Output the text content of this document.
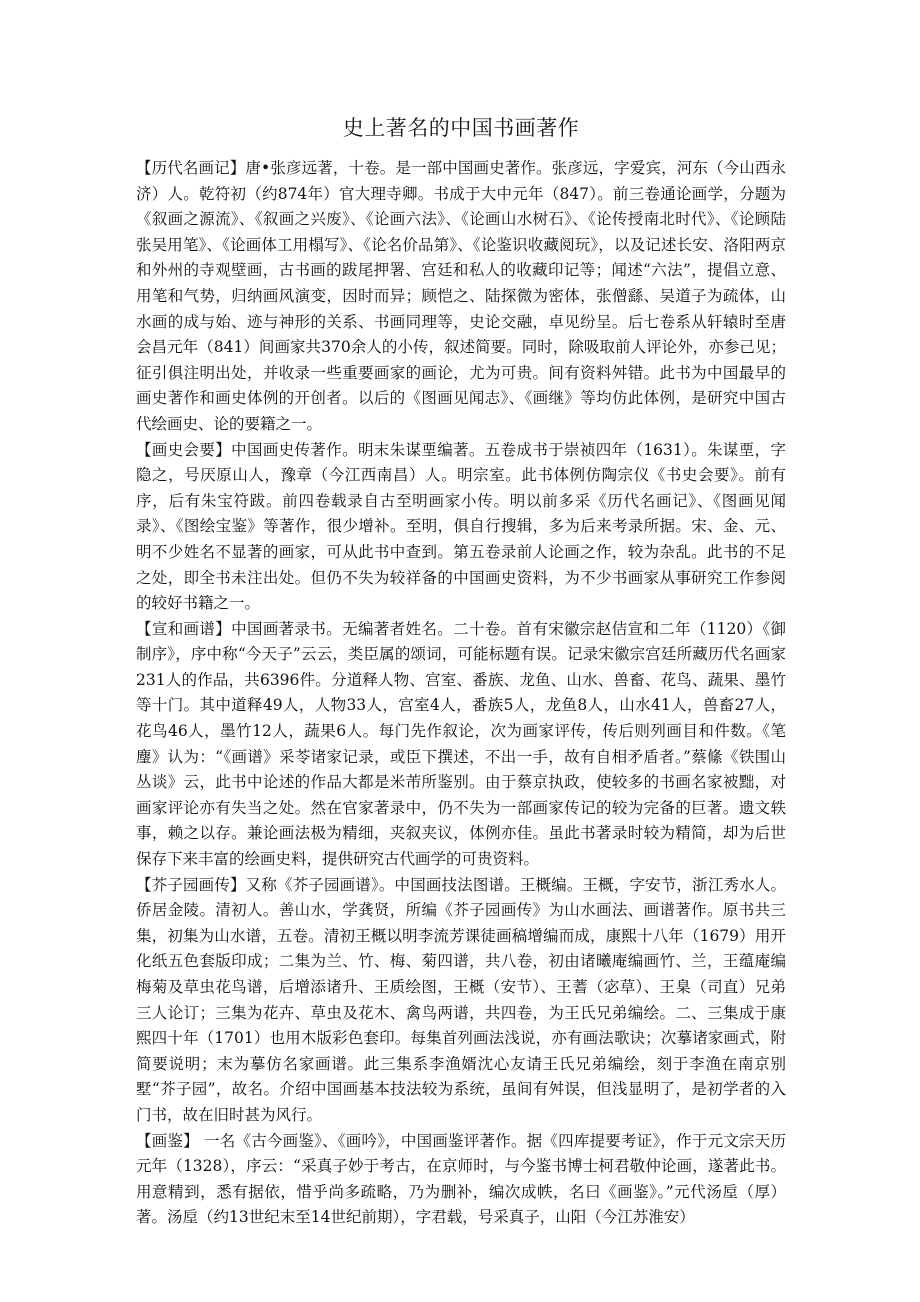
史上著名的中国书画著作

【历代名画记】唐•张彦远著，十卷。是一部中国画史著作。张彦远，字爱宾，河东（今山西永济）人。乾符初（约874年）官大理寺卿。书成于大中元年（847）。前三卷通论画学，分题为《叙画之源流》、《叙画之兴废》、《论画六法》、《论画山水树石》、《论传授南北时代》、《论顾陆张吴用笔》、《论画体工用榻写》、《论名价品第》、《论鉴识收藏阅玩》，以及记述长安、洛阳两京和外州的寺观壁画，古书画的跋尾押署、宫廷和私人的收藏印记等；闻述“六法”，提倡立意、用笔和气势，归纳画风演变，因时而异；顾恺之、陆探微为密体，张僧繇、吴道子为疏体，山水画的成与始、迹与神形的关系、书画同理等，史论交融，卓见纷呈。后七卷系从轩辕时至唐会昌元年（841）间画家共370余人的小传，叙述简要。同时，除吸取前人评论外，亦参己见；征引俱注明出处，并收录一些重要画家的画论，尤为可贵。间有资料舛错。此书为中国最早的画史著作和画史体例的开创者。以后的《图画见闻志》、《画继》等均仿此体例，是研究中国古代绘画史、论的要籍之一。

【画史会要】中国画史传著作。明末朱谋垔编著。五卷成书于崇祯四年（1631）。朱谋垔，字隐之，号厌原山人，豫章（今江西南昌）人。明宗室。此书体例仿陶宗仪《书史会要》。前有序，后有朱宝符跋。前四卷载录自古至明画家小传。明以前多采《历代名画记》、《图画见闻录》、《图绘宝鉴》等著作，很少增补。至明，俱自行搜辑，多为后来考录所据。宋、金、元、明不少姓名不显著的画家，可从此书中查到。第五卷录前人论画之作，较为杂乱。此书的不足之处，即全书未注出处。但仍不失为较祥备的中国画史资料，为不少书画家从事研究工作参阅的较好书籍之一。

【宣和画谱】中国画著录书。无编著者姓名。二十卷。首有宋徽宗赵佶宣和二年（1120）《御制序》，序中称“今天子”云云，类臣属的颂词，可能标题有误。记录宋徽宗宫廷所藏历代名画家231人的作品，共6396件。分道释人物、宫室、番族、龙鱼、山水、兽畜、花鸟、蔬果、墨竹等十门。其中道释49人，人物33人，宫室4人，番族5人，龙鱼8人，山水41人，兽畜27人，花鸟46人，墨竹12人，蔬果6人。每门先作叙论，次为画家评传，传后则列画目和件数。《笔麈》认为：“《画谱》采苓诸家记录，或臣下撰述，不出一手，故有自相矛盾者。”蔡絛《铁围山丛谈》云，此书中论述的作品大都是米芾所鉴别。由于蔡京执政，使较多的书画名家被黜，对画家评论亦有失当之处。然在官家著录中，仍不失为一部画家传记的较为完备的巨著。遗文轶事，赖之以存。兼论画法极为精细，夹叙夹议，体例亦佳。虽此书著录时较为精简，却为后世保存下来丰富的绘画史料，提供研究古代画学的可贵资料。

【芥子园画传】又称《芥子园画谱》。中国画技法图谱。王概编。王概，字安节，浙江秀水人。侨居金陵。清初人。善山水，学龚贤，所编《芥子园画传》为山水画法、画谱著作。原书共三集，初集为山水谱，五卷。清初王概以明李流芳课徒画稿增编而成，康熙十八年（1679）用开化纸五色套版印成；二集为兰、竹、梅、菊四谱，共八卷，初由诸曦庵编画竹、兰，王蕴庵编梅菊及草虫花鸟谱，后增添诸升、王质绘图，王概（安节）、王蓍（宓草）、王臬（司直）兄弟三人论订；三集为花卉、草虫及花木、禽鸟两谱，共四卷，为王氏兄弟编绘。二、三集成于康熙四十年（1701）也用木版彩色套印。每集首列画法浅说，亦有画法歌诀；次摹诸家画式，附简要说明；末为摹仿名家画谱。此三集系李渔婿沈心友请王氏兄弟编绘，刻于李渔在南京别墅“芥子园”，故名。介绍中国画基本技法较为系统，虽间有舛误，但浅显明了，是初学者的入门书，故在旧时甚为风行。

【画鉴】 一名《古今画鉴》、《画吟》，中国画鉴评著作。据《四库提要考证》，作于元文宗天历元年（1328），序云：“采真子妙于考古，在京师时，与今鉴书博士柯君敬仲论画，遂著此书。用意精到，悉有据依，惜乎尚多疏略，乃为删补，编次成帙，名曰《画鉴》。”元代汤垕（厚）著。汤垕（约13世纪末至14世纪前期），字君载，号采真子，山阳（今江苏淮安）
